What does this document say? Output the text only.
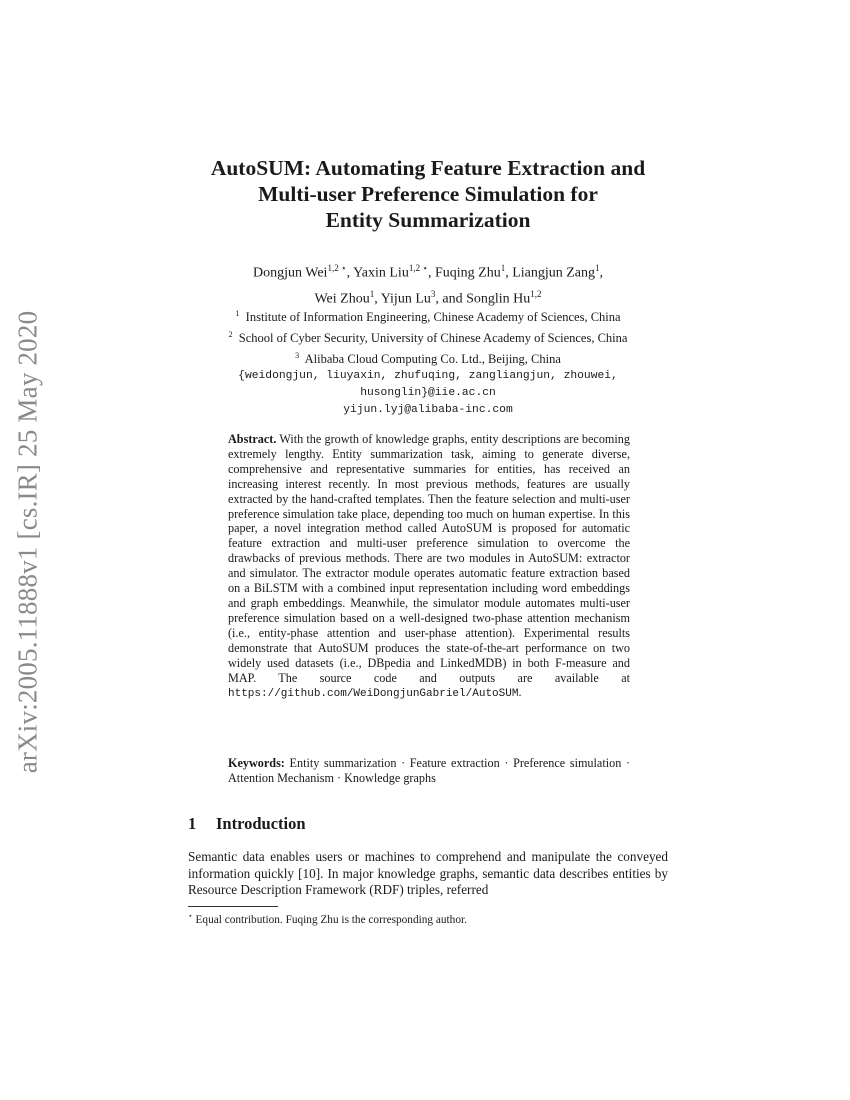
arXiv:2005.11888v1 [cs.IR] 25 May 2020
AutoSUM: Automating Feature Extraction and
Multi-user Preference Simulation for
Entity Summarization
Dongjun Wei$^{1,2 ⋆}$, Yaxin Liu$^{1,2 ⋆}$, Fuqing Zhu$^1$, Liangjun Zang$^1$,
Wei Zhou$^1$, Yijun Lu$^3$, and Songlin Hu$^{1,2}$
$^1$ Institute of Information Engineering, Chinese Academy of Sciences, China
$^2$ School of Cyber Security, University of Chinese Academy of Sciences, China
$^3$ Alibaba Cloud Computing Co. Ltd., Beijing, China
{weidongjun, liuyaxin, zhufuqing, zangliangjun, zhouwei,
husonglin}@iie.ac.cn
yijun.lyj@alibaba-inc.com
Abstract. With the growth of knowledge graphs, entity descriptions are becoming extremely lengthy. Entity summarization task, aiming to generate diverse, comprehensive and representative summaries for entities, has received an increasing interest recently. In most previous methods, features are usually extracted by the hand-crafted templates. Then the feature selection and multi-user preference simulation take place, depending too much on human expertise. In this paper, a novel integration method called AutoSUM is proposed for automatic feature extraction and multi-user preference simulation to overcome the drawbacks of previous methods. There are two modules in AutoSUM: extractor and simulator. The extractor module operates automatic feature extraction based on a BiLSTM with a combined input representation including word embeddings and graph embeddings. Meanwhile, the simulator module automates multi-user preference simulation based on a well-designed two-phase attention mechanism (i.e., entity-phase attention and user-phase attention). Experimental results demonstrate that AutoSUM produces the state-of-the-art performance on two widely used datasets (i.e., DBpedia and LinkedMDB) in both F-measure and MAP. The source code and outputs are available at https://github.com/WeiDongjunGabriel/AutoSUM.
Keywords: Entity summarization · Feature extraction · Preference simulation · Attention Mechanism · Knowledge graphs
1 Introduction
Semantic data enables users or machines to comprehend and manipulate the conveyed information quickly [10]. In major knowledge graphs, semantic data describes entities by Resource Description Framework (RDF) triples, referred
⋆ Equal contribution. Fuqing Zhu is the corresponding author.
